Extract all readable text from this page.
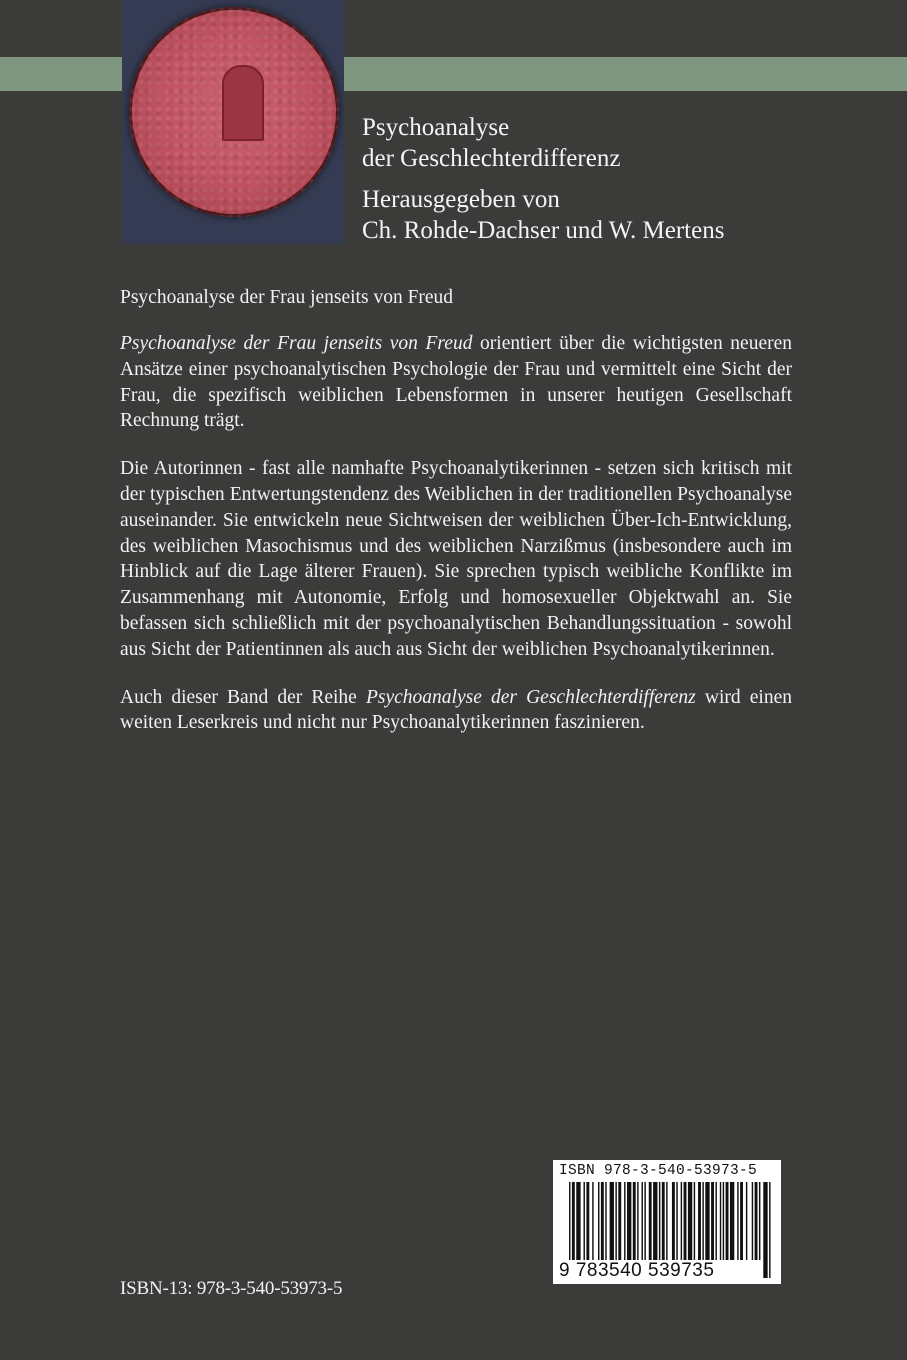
Psychoanalyse
der Geschlechterdifferenz

Herausgegeben von
Ch. Rohde-Dachser und W. Mertens

Psychoanalyse der Frau jenseits von Freud

Psychoanalyse der Frau jenseits von Freud orientiert über die wichtigsten neueren Ansätze einer psychoanalytischen Psychologie der Frau und vermittelt eine Sicht der Frau, die spezifisch weiblichen Lebensformen in unserer heutigen Gesellschaft Rechnung trägt.

Die Autorinnen - fast alle namhafte Psychoanalytikerinnen - setzen sich kritisch mit der typischen Entwertungstendenz des Weiblichen in der traditionellen Psychoanalyse auseinander. Sie entwickeln neue Sichtweisen der weiblichen Über-Ich-Entwicklung, des weiblichen Masochismus und des weiblichen Narzißmus (insbesondere auch im Hinblick auf die Lage älterer Frauen). Sie sprechen typisch weibliche Konflikte im Zusammenhang mit Autonomie, Erfolg und homosexueller Objektwahl an. Sie befassen sich schließlich mit der psychoanalytischen Behandlungssituation - sowohl aus Sicht der Patientinnen als auch aus Sicht der weiblichen Psychoanalytikerinnen.

Auch dieser Band der Reihe Psychoanalyse der Geschlechterdifferenz wird einen weiten Leserkreis und nicht nur Psychoanalytikerinnen faszinieren.

ISBN-13: 978-3-540-53973-5
ISBN 978-3-540-53973-5
9 783540 539735
